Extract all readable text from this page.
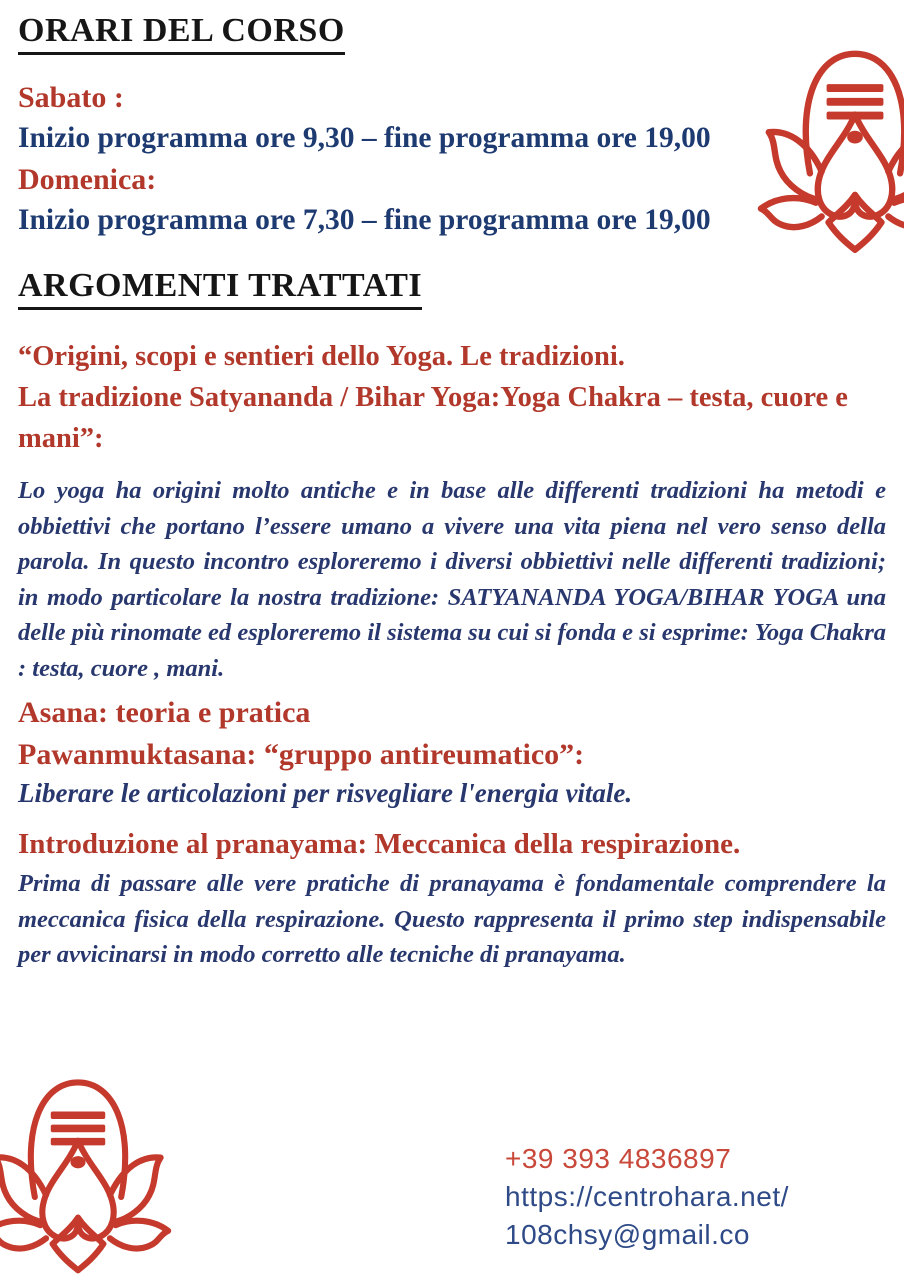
ORARI DEL CORSO
Sabato :
Inizio programma ore 9,30 – fine programma ore 19,00
Domenica:
Inizio programma ore 7,30 – fine programma ore 19,00
ARGOMENTI TRATTATI
“Origini, scopi e sentieri dello Yoga. Le tradizioni.
La tradizione Satyananda / Bihar Yoga:Yoga Chakra – testa, cuore e mani”:

Lo yoga ha origini molto antiche e in base alle differenti tradizioni ha metodi e obbiettivi che portano l’essere umano a vivere una vita piena nel vero senso della parola. In questo incontro esploreremo i diversi obbiettivi nelle differenti tradizioni; in modo particolare la nostra tradizione: SATYANANDA YOGA/BIHAR YOGA una delle più rinomate ed esploreremo il sistema su cui si fonda e si esprime: Yoga Chakra : testa, cuore , mani.

Asana: teoria e pratica
Pawanmuktasana: “gruppo antireumatico”:
Liberare le articolazioni per risvegliare l'energia vitale.
Introduzione al pranayama: Meccanica della respirazione.

Prima di passare alle vere pratiche di pranayama è fondamentale comprendere la meccanica fisica della respirazione. Questo rappresenta il primo step indispensabile per avvicinarsi in modo corretto alle tecniche di pranayama.

+39 393 4836897
https://centrohara.net/
108chsy@gmail.co
